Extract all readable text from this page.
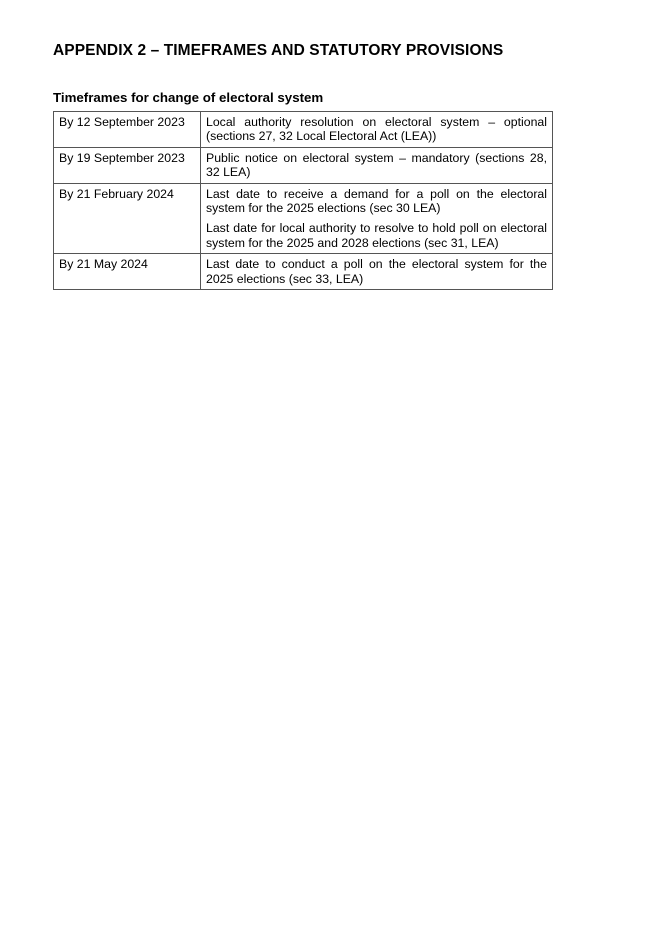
APPENDIX 2 – TIMEFRAMES AND STATUTORY PROVISIONS
Timeframes for change of electoral system
By 12 September 2023	Local authority resolution on electoral system – optional (sections 27, 32 Local Electoral Act (LEA))

By 19 September 2023	Public notice on electoral system – mandatory (sections 28, 32 LEA)

By 21 February 2024	Last date to receive a demand for a poll on the electoral system for the 2025 elections (sec 30 LEA)

Last date for local authority to resolve to hold poll on electoral system for the 2025 and 2028 elections (sec 31, LEA)

By 21 May 2024	Last date to conduct a poll on the electoral system for the 2025 elections (sec 33, LEA)
